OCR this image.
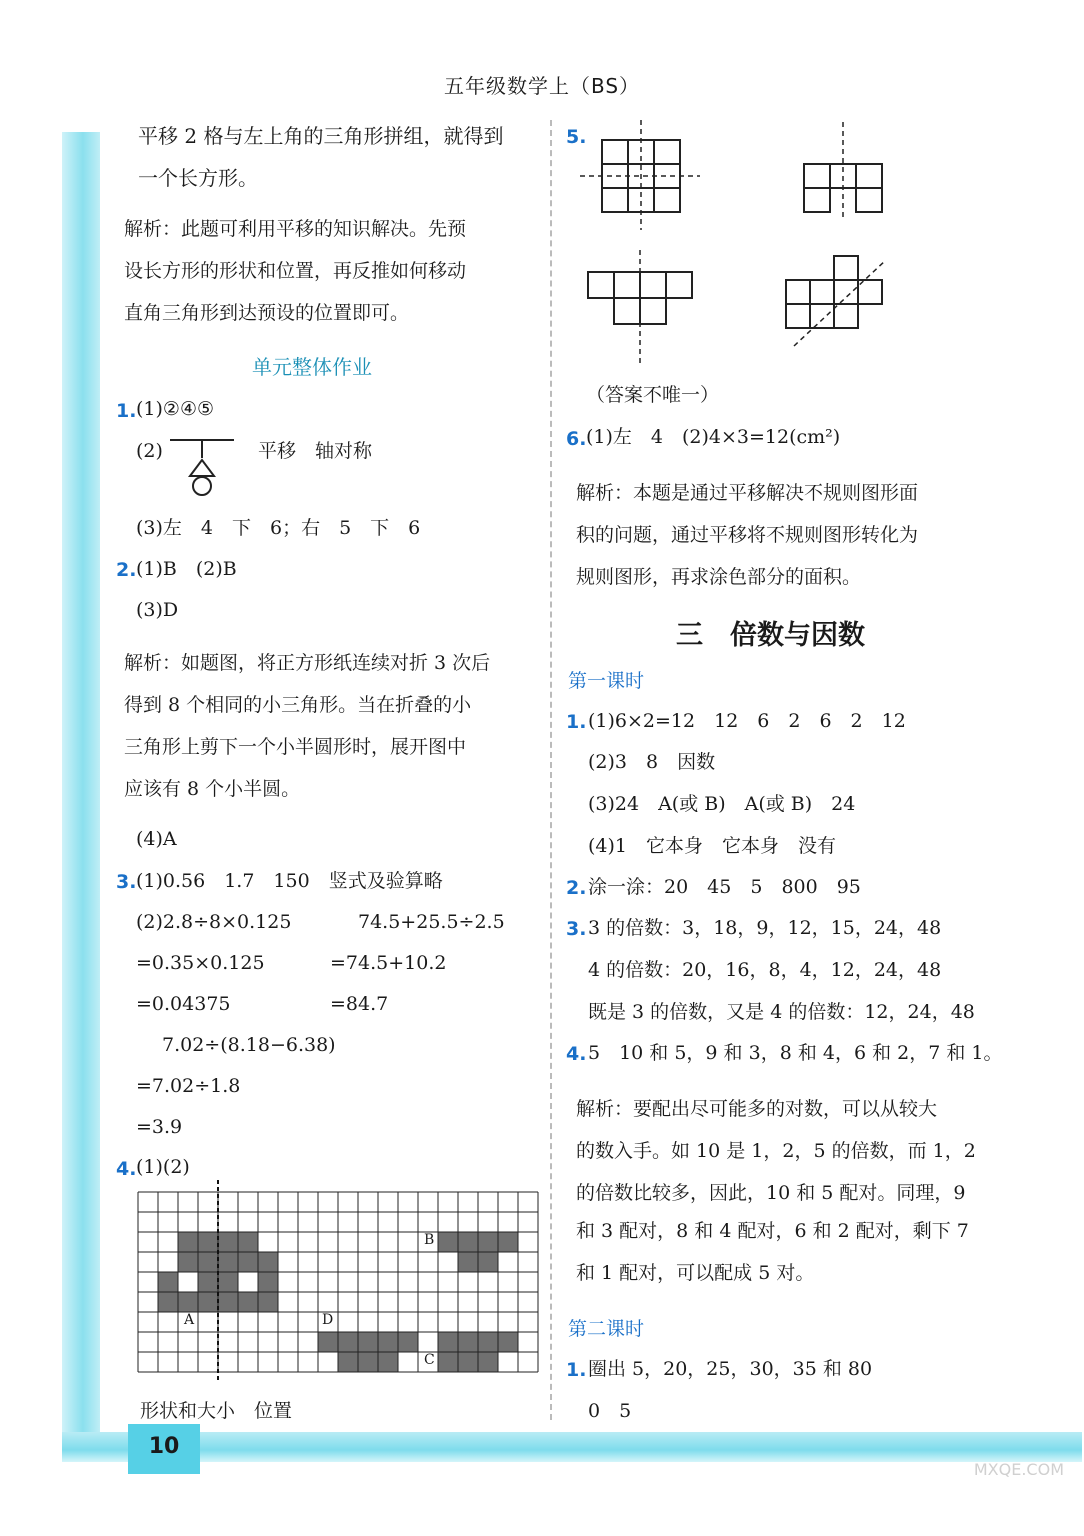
10
MXQE.COM
五年级数学上（BS）
平移 2 格与左上角的三角形拼组，就得到
一个长方形。
解析：此题可利用平移的知识解决。先预
设长方形的形状和位置，再反推如何移动
直角三角形到达预设的位置即可。
单元整体作业
1. (1)②④⑤
(2)	平移　轴对称
(3)左　4　下　6；右　5　下　6
2. (1)B　(2)B
(3)D
解析：如题图，将正方形纸连续对折 3 次后
得到 8 个相同的小三角形。当在折叠的小
三角形上剪下一个小半圆形时，展开图中
应该有 8 个小半圆。
(4)A
3. (1)0.56　1.7　150　竖式及验算略
(2)2.8÷8×0.125	74.5+25.5÷2.5
=0.35×0.125	=74.5+10.2
=0.04375	=84.7
7.02÷(8.18−6.38)
=7.02÷1.8
=3.9
4. (1)(2)
A
B
C
D
形状和大小　位置
5.
（答案不唯一）
6. (1)左　4　(2)4×3=12(cm²)
解析：本题是通过平移解决不规则图形面
积的问题，通过平移将不规则图形转化为
规则图形，再求涂色部分的面积。
三　倍数与因数
第一课时
1. (1)6×2=12　12　6　2　6　2　12
(2)3　8　因数
(3)24　A(或 B)　A(或 B)　24
(4)1　它本身　它本身　没有
2. 涂一涂：20　45　5　800　95
3. 3 的倍数：3，18，9，12，15，24，48
4 的倍数：20，16，8，4，12，24，48
既是 3 的倍数，又是 4 的倍数：12，24，48
4. 5　10 和 5，9 和 3，8 和 4，6 和 2，7 和 1。
解析：要配出尽可能多的对数，可以从较大
的数入手。如 10 是 1，2，5 的倍数，而 1，2
的倍数比较多，因此，10 和 5 配对。同理，9
和 3 配对，8 和 4 配对，6 和 2 配对，剩下 7
和 1 配对，可以配成 5 对。
第二课时
1. 圈出 5，20，25，30，35 和 80
0　5
